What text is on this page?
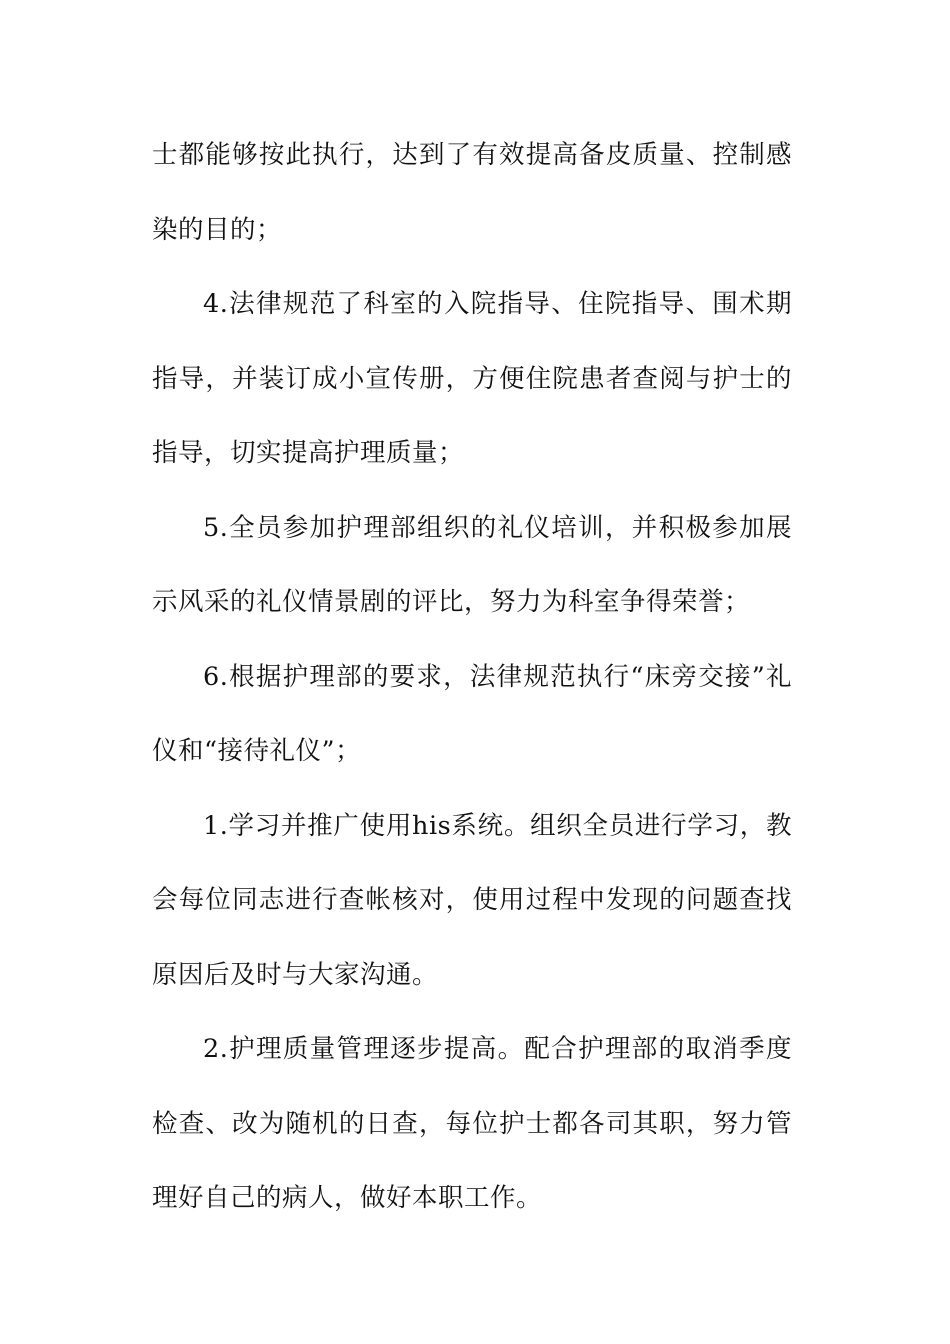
士都能够按此执行，达到了有效提高备皮质量、控制感染的目的；

4.法律规范了科室的入院指导、住院指导、围术期指导，并装订成小宣传册，方便住院患者查阅与护士的指导，切实提高护理质量；

5.全员参加护理部组织的礼仪培训，并积极参加展示风采的礼仪情景剧的评比，努力为科室争得荣誉；

6.根据护理部的要求，法律规范执行“床旁交接”礼仪和“接待礼仪”；

1.学习并推广使用his系统。组织全员进行学习，教会每位同志进行查帐核对，使用过程中发现的问题查找原因后及时与大家沟通。

2.护理质量管理逐步提高。配合护理部的取消季度检查、改为随机的日查，每位护士都各司其职，努力管理好自己的病人，做好本职工作。
